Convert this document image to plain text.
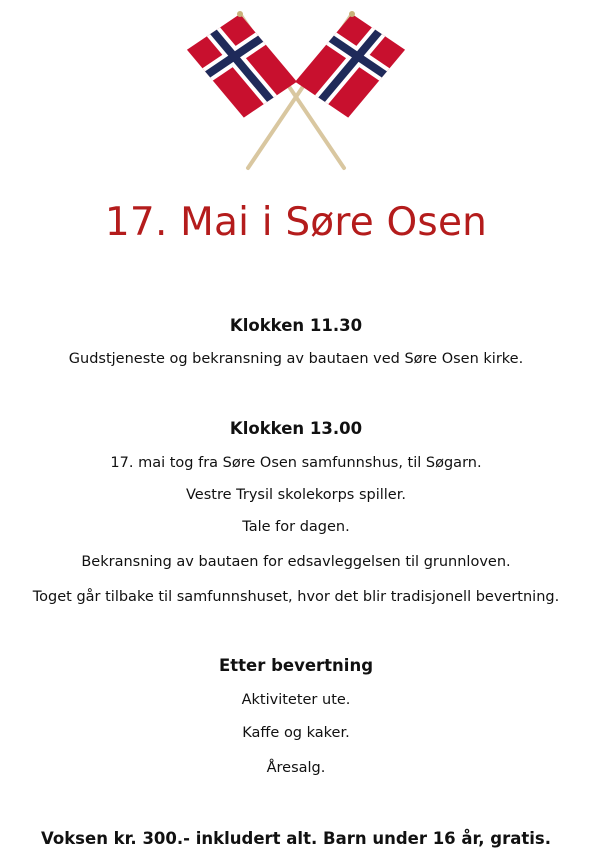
17. Mai i Søre Osen
Klokken 11.30
Gudstjeneste og bekransning av bautaen ved Søre Osen kirke.
Klokken 13.00
17. mai tog fra Søre Osen samfunnshus, til Søgarn.
Vestre Trysil skolekorps spiller.
Tale for dagen.
Bekransning av bautaen for edsavleggelsen til grunnloven.
Toget går tilbake til samfunnshuset, hvor det blir tradisjonell bevertning.
Etter bevertning
Aktiviteter ute.
Kaffe og kaker.
Åresalg.
Voksen kr. 300.- inkludert alt. Barn under 16 år, gratis.
